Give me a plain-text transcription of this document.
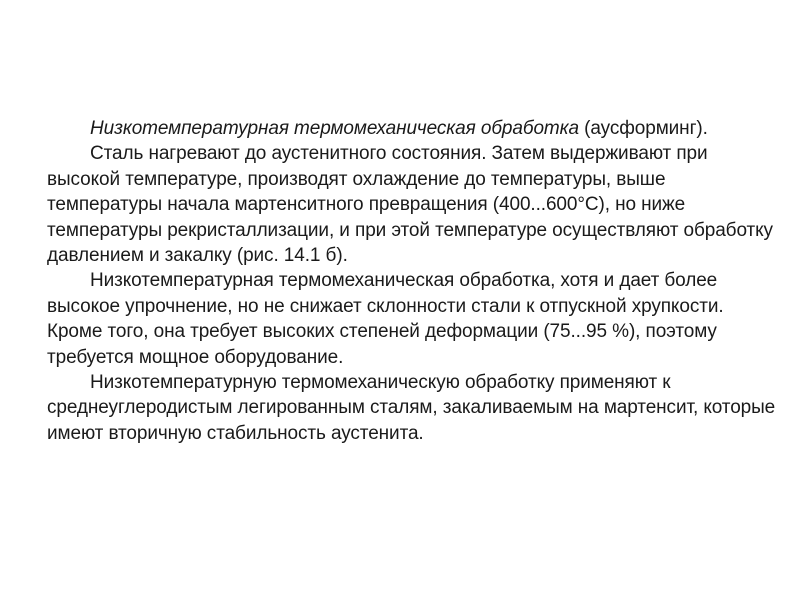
Низкотемпературная термомеханическая обработка (аусформинг).

Сталь нагревают до аустенитного состояния. Затем выдерживают при высокой температуре, производят охлаждение до температуры, выше температуры начала мартенситного превращения (400...600°С), но ниже температуры рекристаллизации, и при этой температуре осуществляют обработку давлением и закалку (рис. 14.1 б).

Низкотемпературная термомеханическая обработка, хотя и дает более высокое упрочнение, но не снижает склонности стали к отпускной хрупкости. Кроме того, она требует высоких степеней деформации (75...95 %), поэтому требуется мощное оборудование.

Низкотемпературную термомеханическую обработку применяют к среднеуглеродистым легированным сталям, закаливаемым на мартенсит, которые имеют вторичную стабильность аустенита.
